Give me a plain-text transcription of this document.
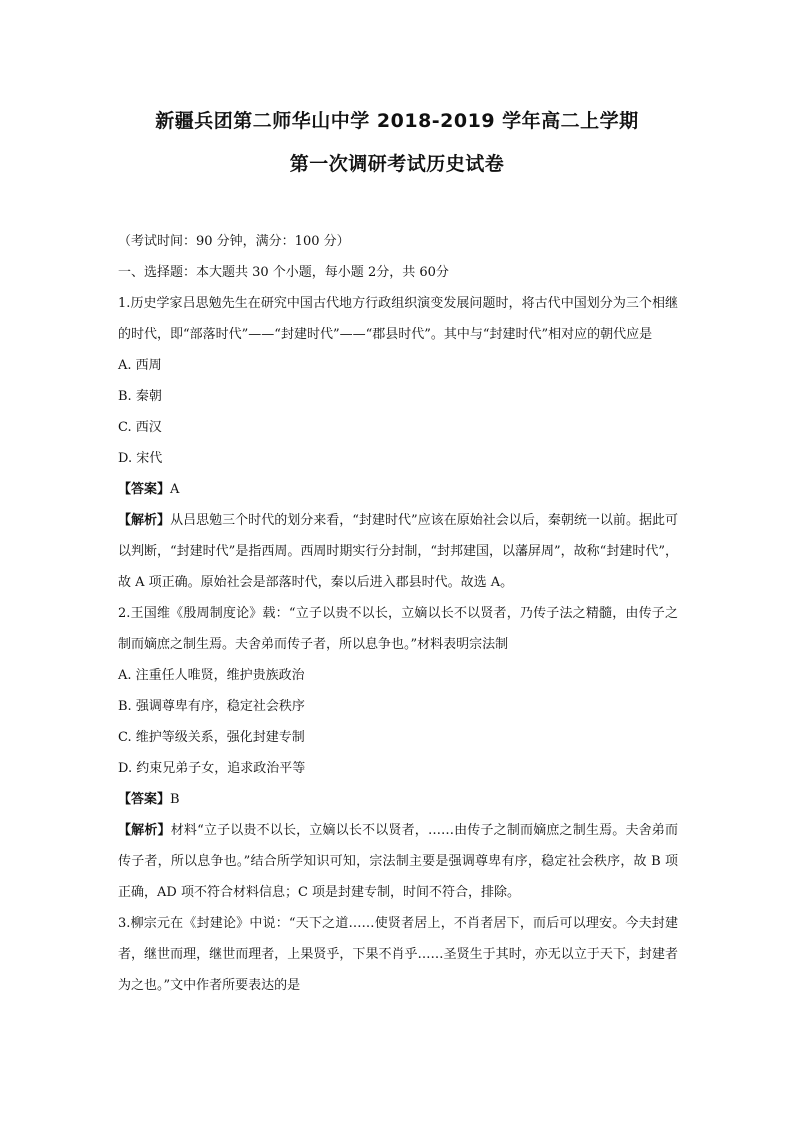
新疆兵团第二师华山中学 2018-2019 学年高二上学期
第一次调研考试历史试卷

（考试时间：90 分钟，满分：100 分）

一、选择题：本大题共 30 个小题，每小题 2分，共 60分

1.历史学家吕思勉先生在研究中国古代地方行政组织演变发展问题时，将古代中国划分为三个相继的时代，即“部落时代”——“封建时代”——“郡县时代”。其中与“封建时代”相对应的朝代应是

A. 西周

B. 秦朝

C. 西汉

D. 宋代

【答案】A

【解析】从吕思勉三个时代的划分来看，“封建时代”应该在原始社会以后，秦朝统一以前。据此可以判断，“封建时代”是指西周。西周时期实行分封制，“封邦建国，以藩屏周”，故称“封建时代”，故 A 项正确。原始社会是部落时代，秦以后进入郡县时代。故选 A。

2.王国维《殷周制度论》载：“立子以贵不以长，立嫡以长不以贤者，乃传子法之精髓，由传子之制而嫡庶之制生焉。夫舍弟而传子者，所以息争也。”材料表明宗法制

A. 注重任人唯贤，维护贵族政治

B. 强调尊卑有序，稳定社会秩序

C. 维护等级关系，强化封建专制

D. 约束兄弟子女，追求政治平等

【答案】B

【解析】材料“立子以贵不以长，立嫡以长不以贤者，……由传子之制而嫡庶之制生焉。夫舍弟而传子者，所以息争也。”结合所学知识可知，宗法制主要是强调尊卑有序，稳定社会秩序，故 B 项正确，AD 项不符合材料信息；C 项是封建专制，时间不符合，排除。

3.柳宗元在《封建论》中说：“天下之道……使贤者居上，不肖者居下，而后可以理安。今夫封建者，继世而理，继世而理者，上果贤乎，下果不肖乎……圣贤生于其时，亦无以立于天下，封建者为之也。”文中作者所要表达的是
